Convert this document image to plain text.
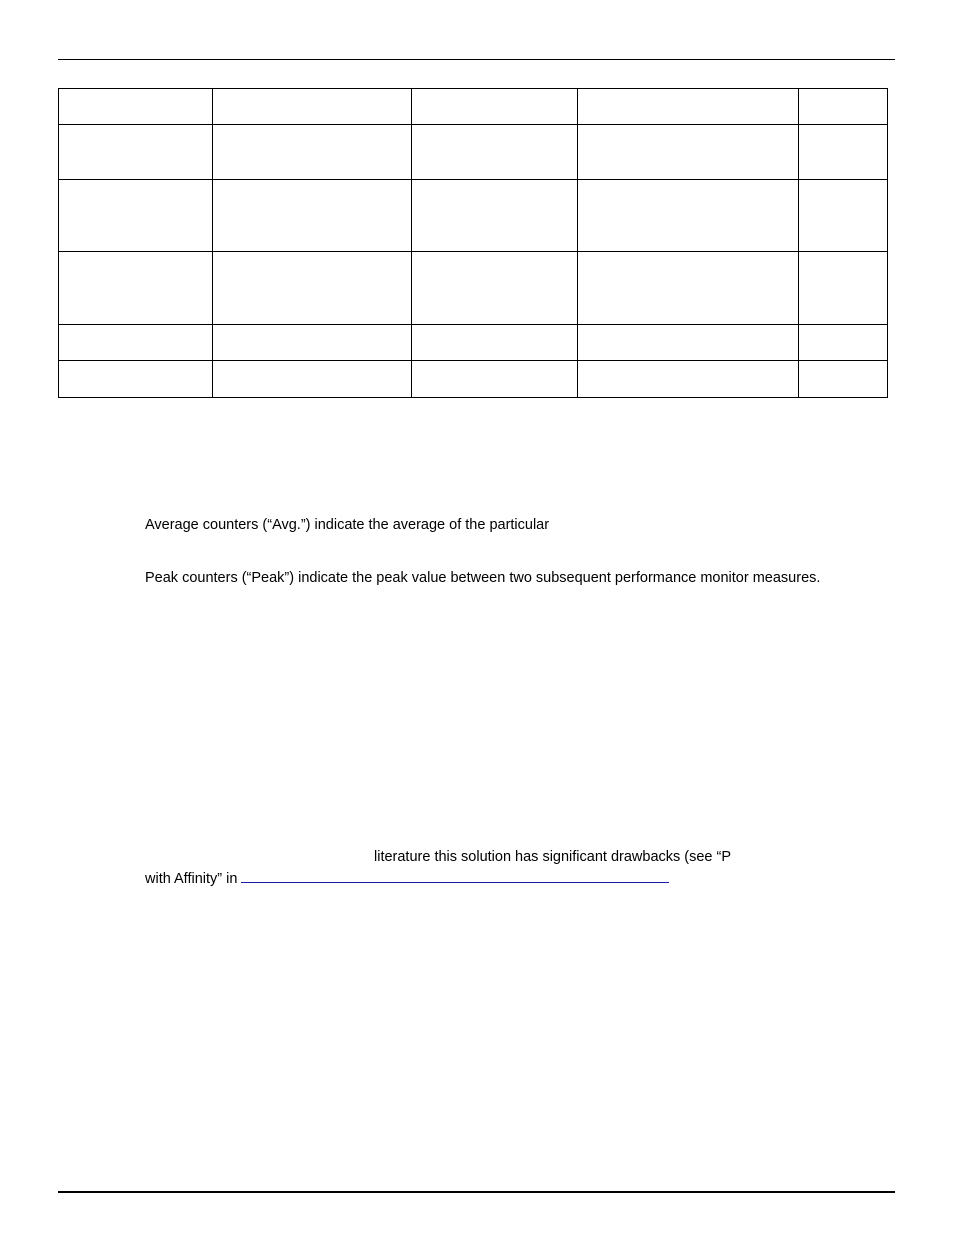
Average counters (“Avg.”) indicate the average of the particular
Peak counters (“Peak”) indicate the peak value between two subsequent performance monitor measures.
literature this solution has significant drawbacks (see “P
with Affinity” in
